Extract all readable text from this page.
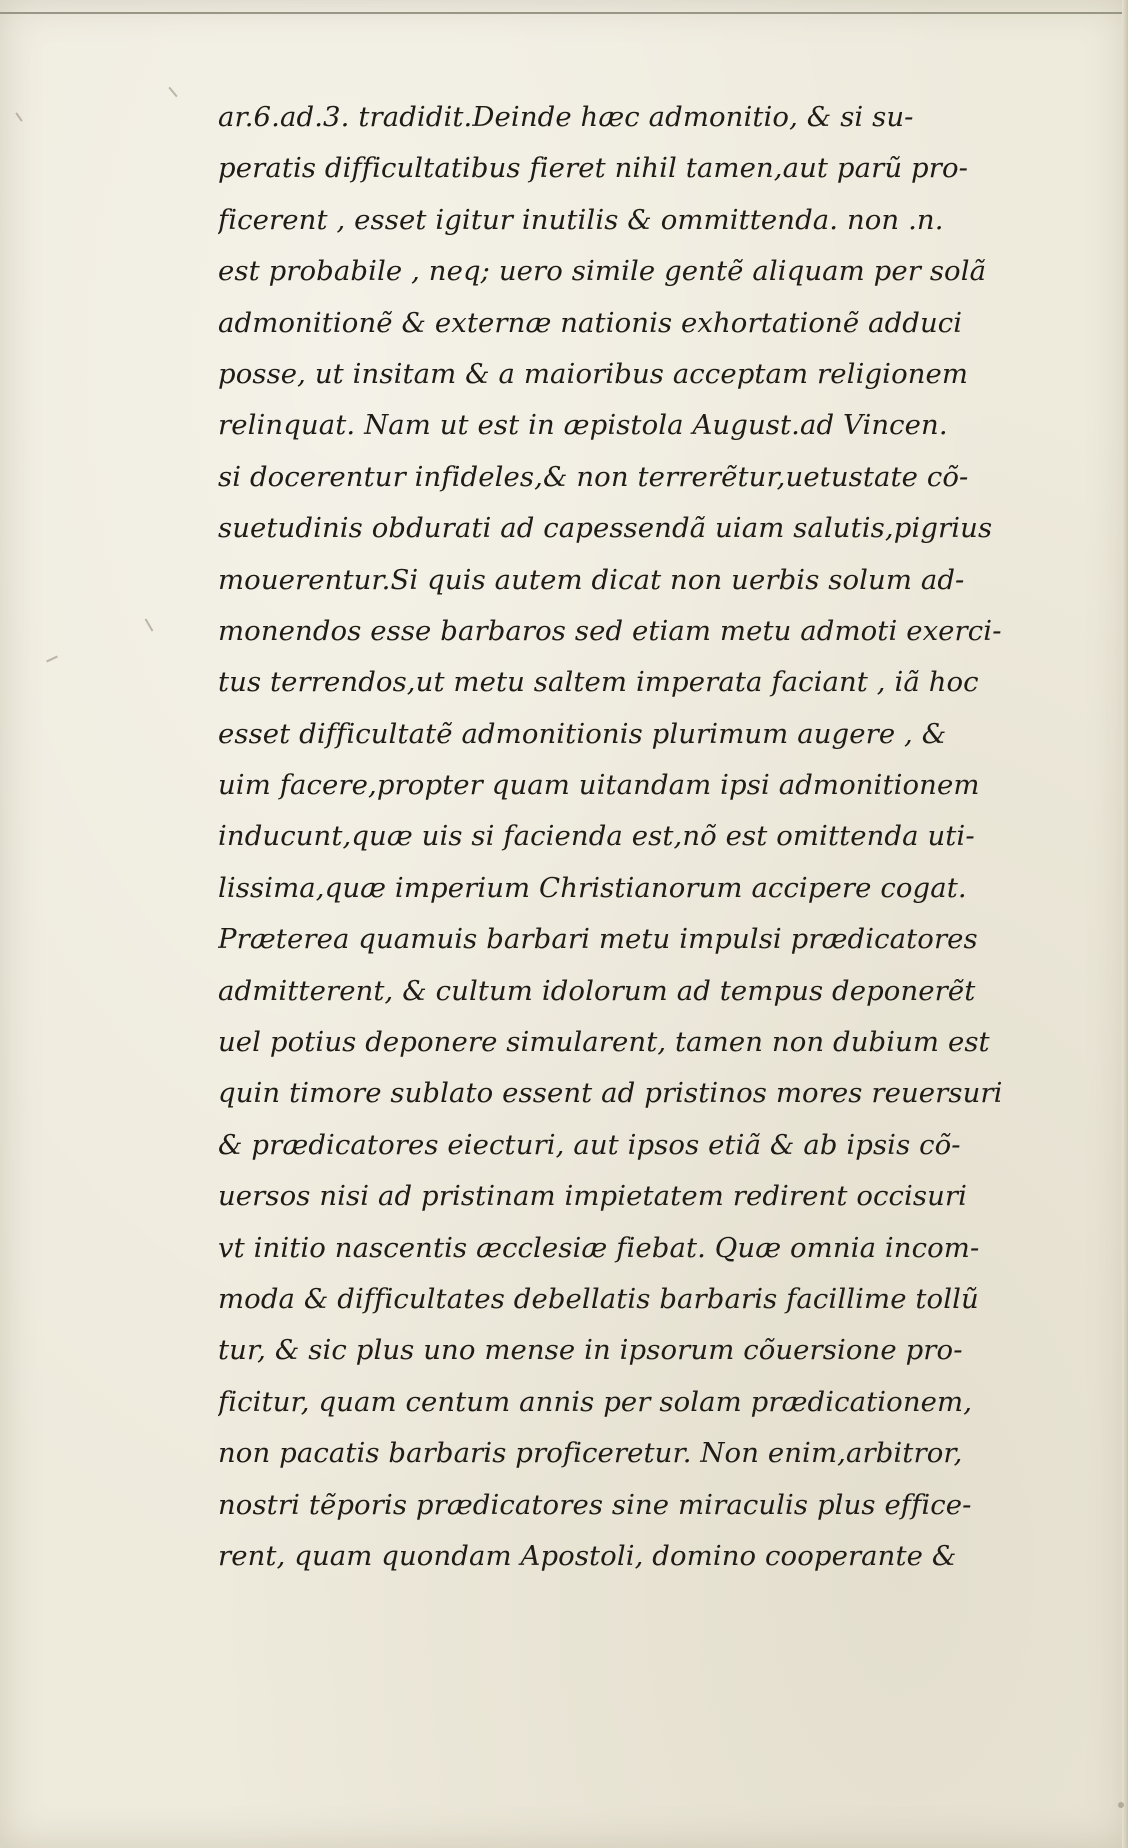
ar.6.ad.3. tradidit.Deinde hæc admonitio, & si su-
peratis difficultatibus fieret nihil tamen,aut parũ pro-
ficerent , esset igitur inutilis & ommittenda. non .n.
est probabile , neq; uero simile gentẽ aliquam per solã
admonitionẽ & externæ nationis exhortationẽ adduci
posse, ut insitam & a maioribus acceptam religionem
relinquat. Nam ut est in æpistola August.ad Vincen.
si docerentur infideles,& non terrerẽtur,uetustate cõ-
suetudinis obdurati ad capessendã uiam salutis,pigrius
mouerentur.Si quis autem dicat non uerbis solum ad-
monendos esse barbaros sed etiam metu admoti exerci-
tus terrendos,ut metu saltem imperata faciant , iã hoc
esset difficultatẽ admonitionis plurimum augere , &
uim facere,propter quam uitandam ipsi admonitionem
inducunt,quæ uis si facienda est,nõ est omittenda uti-
lissima,quæ imperium Christianorum accipere cogat.
Præterea quamuis barbari metu impulsi prædicatores
admitterent, & cultum idolorum ad tempus deponerẽt
uel potius deponere simularent, tamen non dubium est
quin timore sublato essent ad pristinos mores reuersuri
& prædicatores eiecturi, aut ipsos etiã & ab ipsis cõ-
uersos nisi ad pristinam impietatem redirent occisuri
vt initio nascentis æcclesiæ fiebat. Quæ omnia incom-
moda & difficultates debellatis barbaris facillime tollũ
tur, & sic plus uno mense in ipsorum cõuersione pro-
ficitur, quam centum annis per solam prædicationem,
non pacatis barbaris proficeretur. Non enim,arbitror,
nostri tẽporis prædicatores sine miraculis plus effice-
rent, quam quondam Apostoli, domino cooperante &
